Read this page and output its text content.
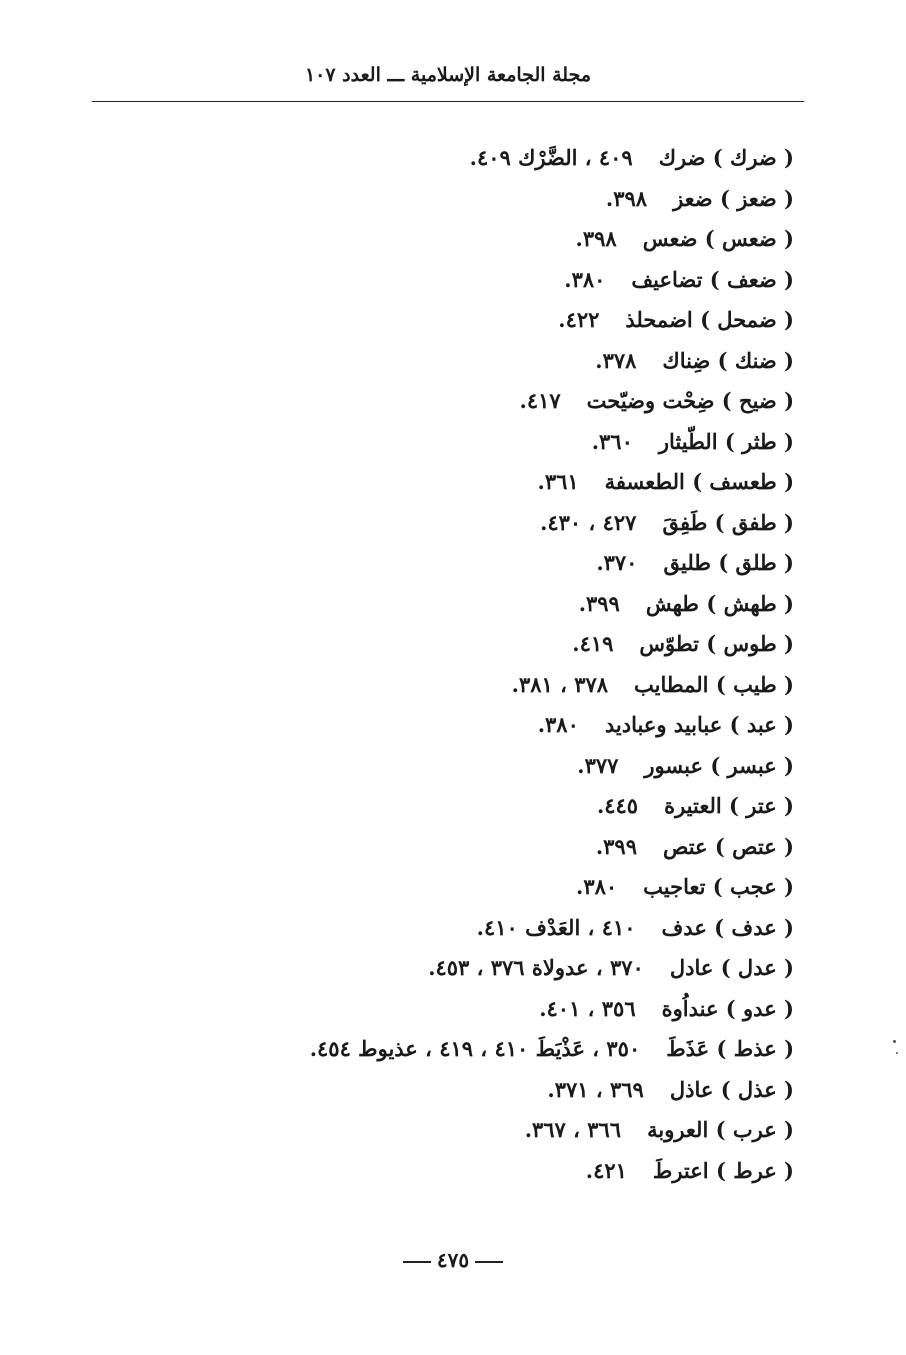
مجلة الجامعة الإسلامية ـــ العدد ١٠٧
( ضرك ) ضرك٤٠٩ ، الضَّرْك ٤٠٩.
( ضعز ) ضعز٣٩٨.
( ضعس ) ضعس٣٩٨.
( ضعف ) تضاعيف٣٨٠.
( ضمحل ) اضمحلذ٤٢٢.
( ضنك ) ضِناك٣٧٨.
( ضيح ) ضِحْت وضيّحت٤١٧.
( طثر ) الطّيثار٣٦٠.
( طعسف ) الطعسفة٣٦١.
( طفق ) طَفِقَ٤٢٧ ، ٤٣٠.
( طلق ) طليق٣٧٠.
( طهش ) طهش٣٩٩.
( طوس ) تطوّس٤١٩.
( طيب ) المطايب٣٧٨ ، ٣٨١.
( عبد ) عبابيد وعباديد٣٨٠.
( عبسر ) عبسور٣٧٧.
( عتر ) العتيرة٤٤٥.
( عتص ) عتص٣٩٩.
( عجب ) تعاجيب٣٨٠.
( عدف ) عدف٤١٠ ، العَدْف ٤١٠.
( عدل ) عادل٣٧٠ ، عدولاة ٣٧٦ ، ٤٥٣.
( عدو ) عنداُوة٣٥٦ ، ٤٠١.
( عذط ) عَذَطَ٣٥٠ ، عَذْيَطَ ٤١٠ ، ٤١٩ ، عذيوط ٤٥٤.
( عذل ) عاذل٣٦٩ ، ٣٧١.
( عرب ) العروبة٣٦٦ ، ٣٦٧.
( عرط ) اعترطَ٤٢١.
٤٧٥
